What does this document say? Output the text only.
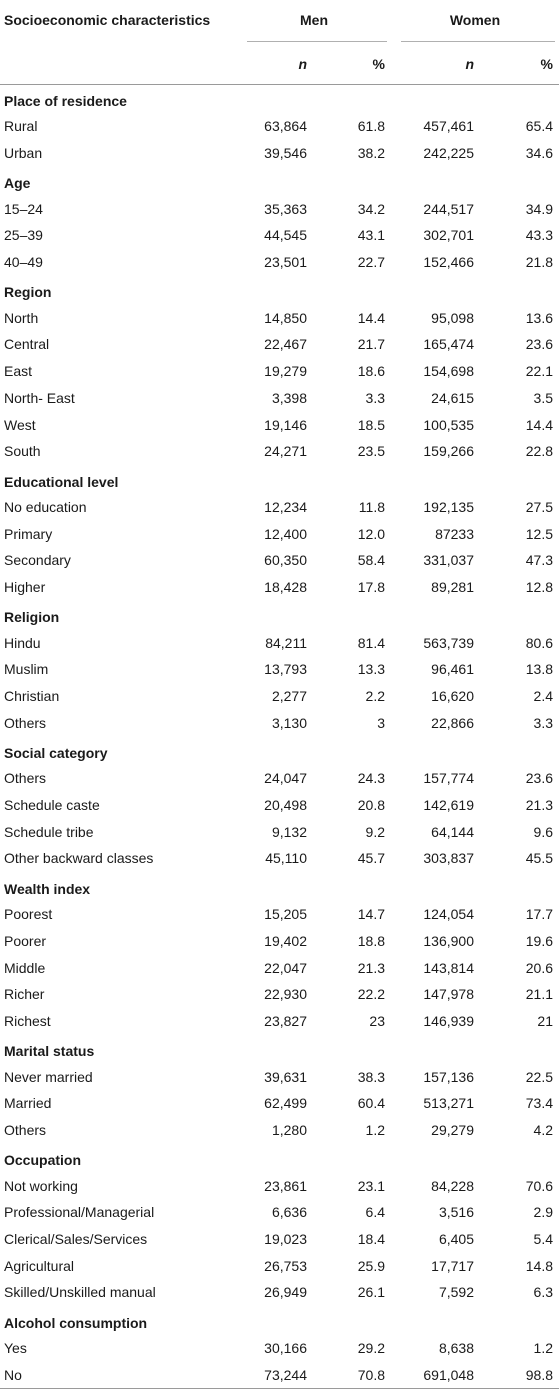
Socioeconomic characteristics	Men		Women	

	n	%	n	%
Place of residence				
Rural	63,864	61.8	457,461	65.4
Urban	39,546	38.2	242,225	34.6
Age				
15–24	35,363	34.2	244,517	34.9
25–39	44,545	43.1	302,701	43.3
40–49	23,501	22.7	152,466	21.8
Region				
North	14,850	14.4	95,098	13.6
Central	22,467	21.7	165,474	23.6
East	19,279	18.6	154,698	22.1
North- East	3,398	3.3	24,615	3.5
West	19,146	18.5	100,535	14.4
South	24,271	23.5	159,266	22.8
Educational level				
No education	12,234	11.8	192,135	27.5
Primary	12,400	12.0	87233	12.5
Secondary	60,350	58.4	331,037	47.3
Higher	18,428	17.8	89,281	12.8
Religion				
Hindu	84,211	81.4	563,739	80.6
Muslim	13,793	13.3	96,461	13.8
Christian	2,277	2.2	16,620	2.4
Others	3,130	3	22,866	3.3
Social category				
Others	24,047	24.3	157,774	23.6
Schedule caste	20,498	20.8	142,619	21.3
Schedule tribe	9,132	9.2	64,144	9.6
Other backward classes	45,110	45.7	303,837	45.5
Wealth index				
Poorest	15,205	14.7	124,054	17.7
Poorer	19,402	18.8	136,900	19.6
Middle	22,047	21.3	143,814	20.6
Richer	22,930	22.2	147,978	21.1
Richest	23,827	23	146,939	21
Marital status				
Never married	39,631	38.3	157,136	22.5
Married	62,499	60.4	513,271	73.4
Others	1,280	1.2	29,279	4.2
Occupation				
Not working	23,861	23.1	84,228	70.6
Professional/Managerial	6,636	6.4	3,516	2.9
Clerical/Sales/Services	19,023	18.4	6,405	5.4
Agricultural	26,753	25.9	17,717	14.8
Skilled/Unskilled manual	26,949	26.1	7,592	6.3
Alcohol consumption				
Yes	30,166	29.2	8,638	1.2
No	73,244	70.8	691,048	98.8
